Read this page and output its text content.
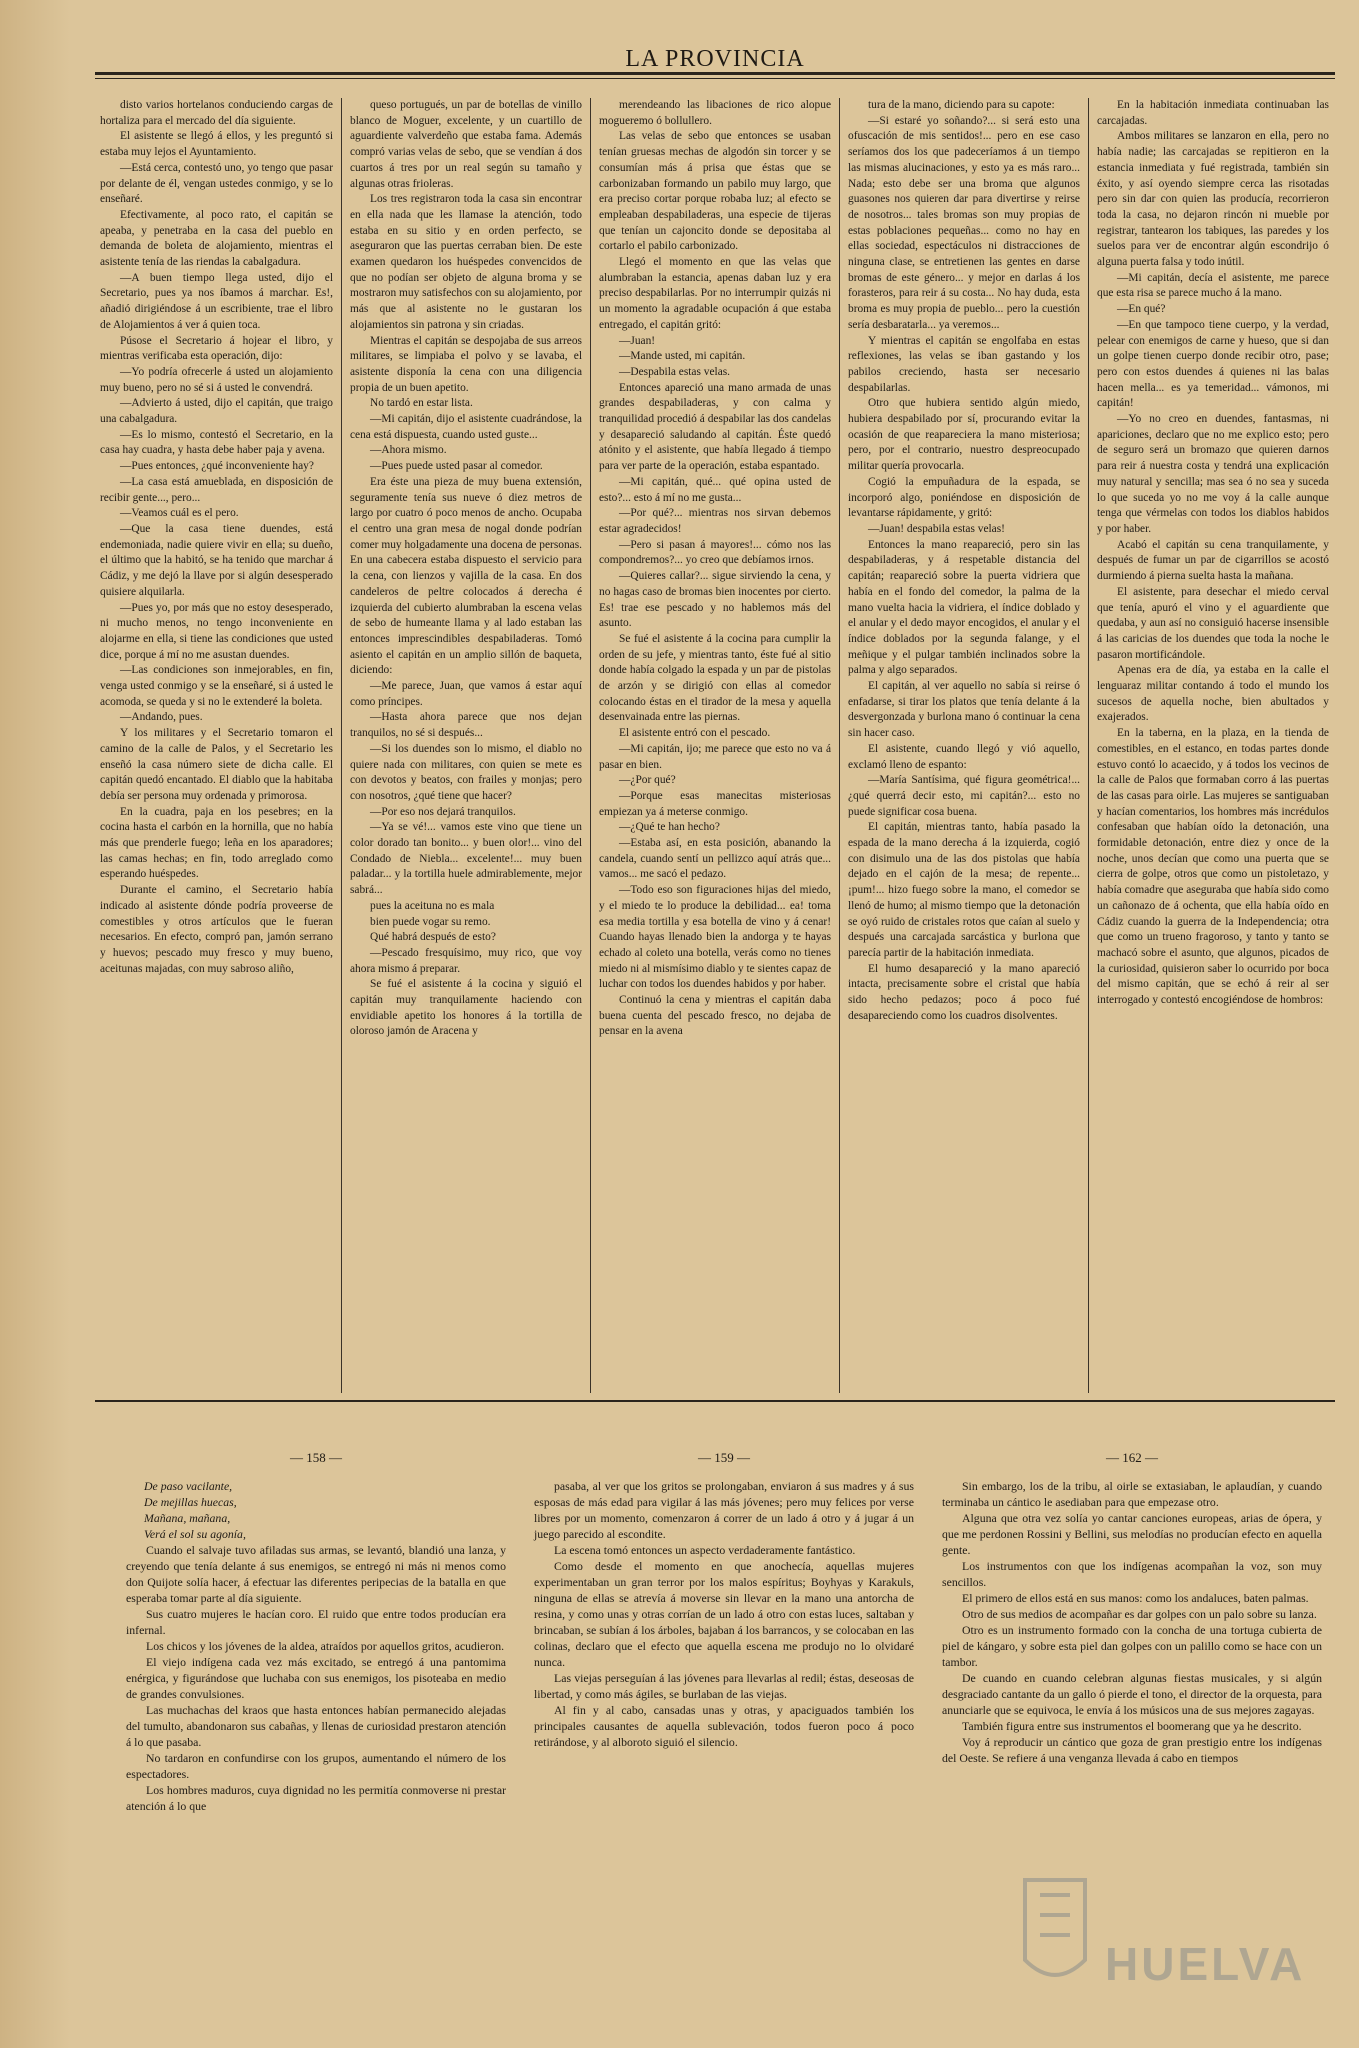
LA PROVINCIA

disto varios hortelanos conduciendo cargas de hortaliza para el mercado del día siguiente.

El asistente se llegó á ellos, y les preguntó si estaba muy lejos el Ayuntamiento.

—Está cerca, contestó uno, yo tengo que pasar por delante de él, vengan ustedes conmigo, y se lo enseñaré.

Efectivamente, al poco rato, el capitán se apeaba, y penetraba en la casa del pueblo en demanda de boleta de alojamiento, mientras el asistente tenía de las riendas la cabalgadura.

—A buen tiempo llega usted, dijo el Secretario, pues ya nos íbamos á marchar. Es!, añadió dirigiéndose á un escribiente, trae el libro de Alojamientos á ver á quien toca.

Púsose el Secretario á hojear el libro, y mientras verificaba esta operación, dijo:

—Yo podría ofrecerle á usted un alojamiento muy bueno, pero no sé si á usted le convendrá.

—Advierto á usted, dijo el capitán, que traigo una cabalgadura.

—Es lo mismo, contestó el Secretario, en la casa hay cuadra, y hasta debe haber paja y avena.

—Pues entonces, ¿qué inconveniente hay?

—La casa está amueblada, en disposición de recibir gente..., pero...

—Veamos cuál es el pero.

—Que la casa tiene duendes, está endemoniada, nadie quiere vivir en ella; su dueño, el último que la habitó, se ha tenido que marchar á Cádiz, y me dejó la llave por si algún desesperado quisiere alquilarla.

—Pues yo, por más que no estoy desesperado, ni mucho menos, no tengo inconveniente en alojarme en ella, si tiene las condiciones que usted dice, porque á mí no me asustan duendes.

—Las condiciones son inmejorables, en fin, venga usted conmigo y se la enseñaré, si á usted le acomoda, se queda y si no le extenderé la boleta.

—Andando, pues.

Y los militares y el Secretario tomaron el camino de la calle de Palos, y el Secretario les enseñó la casa número siete de dicha calle. El capitán quedó encantado. El diablo que la habitaba debía ser persona muy ordenada y primorosa.

En la cuadra, paja en los pesebres; en la cocina hasta el carbón en la hornilla, que no había más que prenderle fuego; leña en los aparadores; las camas hechas; en fin, todo arreglado como esperando huéspedes.

Durante el camino, el Secretario había indicado al asistente dónde podría proveerse de comestibles y otros artículos que le fueran necesarios. En efecto, compró pan, jamón serrano y huevos; pescado muy fresco y muy bueno, aceitunas majadas, con muy sabroso aliño,

queso portugués, un par de botellas de vinillo blanco de Moguer, excelente, y un cuartillo de aguardiente valverdeño que estaba fama. Además compró varias velas de sebo, que se vendían á dos cuartos á tres por un real según su tamaño y algunas otras frioleras.

Los tres registraron toda la casa sin encontrar en ella nada que les llamase la atención, todo estaba en su sitio y en orden perfecto, se aseguraron que las puertas cerraban bien. De este examen quedaron los huéspedes convencidos de que no podían ser objeto de alguna broma y se mostraron muy satisfechos con su alojamiento, por más que al asistente no le gustaran los alojamientos sin patrona y sin criadas.

Mientras el capitán se despojaba de sus arreos militares, se limpiaba el polvo y se lavaba, el asistente disponía la cena con una diligencia propia de un buen apetito.

No tardó en estar lista.

—Mi capitán, dijo el asistente cuadrándose, la cena está dispuesta, cuando usted guste...

—Ahora mismo.

—Pues puede usted pasar al comedor.

Era éste una pieza de muy buena extensión, seguramente tenía sus nueve ó diez metros de largo por cuatro ó poco menos de ancho. Ocupaba el centro una gran mesa de nogal donde podrían comer muy holgadamente una docena de personas. En una cabecera estaba dispuesto el servicio para la cena, con lienzos y vajilla de la casa. En dos candeleros de peltre colocados á derecha é izquierda del cubierto alumbraban la escena velas de sebo de humeante llama y al lado estaban las entonces imprescindibles despabiladeras. Tomó asiento el capitán en un amplio sillón de baqueta, diciendo:

—Me parece, Juan, que vamos á estar aquí como príncipes.

—Hasta ahora parece que nos dejan tranquilos, no sé si después...

—Si los duendes son lo mismo, el diablo no quiere nada con militares, con quien se mete es con devotos y beatos, con frailes y monjas; pero con nosotros, ¿qué tiene que hacer?

—Por eso nos dejará tranquilos.

—Ya se vé!... vamos este vino que tiene un color dorado tan bonito... y buen olor!... vino del Condado de Niebla... excelente!... muy buen paladar... y la tortilla huele admirablemente, mejor sabrá...

pues la aceituna no es mala

bien puede vogar su remo.

Qué habrá después de esto?

—Pescado fresquísimo, muy rico, que voy ahora mismo á preparar.

Se fué el asistente á la cocina y siguió el capitán muy tranquilamente haciendo con envidiable apetito los honores á la tortilla de oloroso jamón de Aracena y

merendeando las libaciones de rico alopue mogueremo ó bollullero.

Las velas de sebo que entonces se usaban tenían gruesas mechas de algodón sin torcer y se consumían más á prisa que éstas que se carbonizaban formando un pabilo muy largo, que era preciso cortar porque robaba luz; al efecto se empleaban despabiladeras, una especie de tijeras que tenían un cajoncito donde se depositaba al cortarlo el pabilo carbonizado.

Llegó el momento en que las velas que alumbraban la estancia, apenas daban luz y era preciso despabilarlas. Por no interrumpir quizás ni un momento la agradable ocupación á que estaba entregado, el capitán gritó:

—Juan!

—Mande usted, mi capitán.

—Despabila estas velas.

Entonces apareció una mano armada de unas grandes despabiladeras, y con calma y tranquilidad procedió á despabilar las dos candelas y desapareció saludando al capitán. Éste quedó atónito y el asistente, que había llegado á tiempo para ver parte de la operación, estaba espantado.

—Mi capitán, qué... qué opina usted de esto?... esto á mí no me gusta...

—Por qué?... mientras nos sirvan debemos estar agradecidos!

—Pero si pasan á mayores!... cómo nos las compondremos?... yo creo que debíamos irnos.

—Quieres callar?... sigue sirviendo la cena, y no hagas caso de bromas bien inocentes por cierto. Es! trae ese pescado y no hablemos más del asunto.

Se fué el asistente á la cocina para cumplir la orden de su jefe, y mientras tanto, éste fué al sitio donde había colgado la espada y un par de pistolas de arzón y se dirigió con ellas al comedor colocando éstas en el tirador de la mesa y aquella desenvainada entre las piernas.

El asistente entró con el pescado.

—Mi capitán, ijo; me parece que esto no va á pasar en bien.

—¿Por qué?

—Porque esas manecitas misteriosas empiezan ya á meterse conmigo.

—¿Qué te han hecho?

—Estaba así, en esta posición, abanando la candela, cuando sentí un pellizco aquí atrás que... vamos... me sacó el pedazo.

—Todo eso son figuraciones hijas del miedo, y el miedo te lo produce la debilidad... ea! toma esa media tortilla y esa botella de vino y á cenar! Cuando hayas llenado bien la andorga y te hayas echado al coleto una botella, verás como no tienes miedo ni al mismísimo diablo y te sientes capaz de luchar con todos los duendes habidos y por haber.

Continuó la cena y mientras el capitán daba buena cuenta del pescado fresco, no dejaba de pensar en la avena

tura de la mano, diciendo para su capote:

—Si estaré yo soñando?... si será esto una ofuscación de mis sentidos!... pero en ese caso seríamos dos los que padeceríamos á un tiempo las mismas alucinaciones, y esto ya es más raro... Nada; esto debe ser una broma que algunos guasones nos quieren dar para divertirse y reirse de nosotros... tales bromas son muy propias de estas poblaciones pequeñas... como no hay en ellas sociedad, espectáculos ni distracciones de ninguna clase, se entretienen las gentes en darse bromas de este género... y mejor en darlas á los forasteros, para reir á su costa... No hay duda, esta broma es muy propia de pueblo... pero la cuestión sería desbaratarla... ya veremos...

Y mientras el capitán se engolfaba en estas reflexiones, las velas se iban gastando y los pabilos creciendo, hasta ser necesario despabilarlas.

Otro que hubiera sentido algún miedo, hubiera despabilado por sí, procurando evitar la ocasión de que reapareciera la mano misteriosa; pero, por el contrario, nuestro despreocupado militar quería provocarla.

Cogió la empuñadura de la espada, se incorporó algo, poniéndose en disposición de levantarse rápidamente, y gritó:

—Juan! despabila estas velas!

Entonces la mano reapareció, pero sin las despabiladeras, y á respetable distancia del capitán; reapareció sobre la puerta vidriera que había en el fondo del comedor, la palma de la mano vuelta hacia la vidriera, el índice doblado y el anular y el dedo mayor encogidos, el anular y el índice doblados por la segunda falange, y el meñique y el pulgar también inclinados sobre la palma y algo separados.

El capitán, al ver aquello no sabía si reirse ó enfadarse, si tirar los platos que tenía delante á la desvergonzada y burlona mano ó continuar la cena sin hacer caso.

El asistente, cuando llegó y vió aquello, exclamó lleno de espanto:

—María Santísima, qué figura geométrica!... ¿qué querrá decir esto, mi capitán?... esto no puede significar cosa buena.

El capitán, mientras tanto, había pasado la espada de la mano derecha á la izquierda, cogió con disimulo una de las dos pistolas que había dejado en el cajón de la mesa; de repente... ¡pum!... hizo fuego sobre la mano, el comedor se llenó de humo; al mismo tiempo que la detonación se oyó ruido de cristales rotos que caían al suelo y después una carcajada sarcástica y burlona que parecía partir de la habitación inmediata.

El humo desapareció y la mano apareció intacta, precisamente sobre el cristal que había sido hecho pedazos; poco á poco fué desapareciendo como los cuadros disolventes.

En la habitación inmediata continuaban las carcajadas.

Ambos militares se lanzaron en ella, pero no había nadie; las carcajadas se repitieron en la estancia inmediata y fué registrada, también sin éxito, y así oyendo siempre cerca las risotadas pero sin dar con quien las producía, recorrieron toda la casa, no dejaron rincón ni mueble por registrar, tantearon los tabiques, las paredes y los suelos para ver de encontrar algún escondrijo ó alguna puerta falsa y todo inútil.

—Mi capitán, decía el asistente, me parece que esta risa se parece mucho á la mano.

—En qué?

—En que tampoco tiene cuerpo, y la verdad, pelear con enemigos de carne y hueso, que si dan un golpe tienen cuerpo donde recibir otro, pase; pero con estos duendes á quienes ni las balas hacen mella... es ya temeridad... vámonos, mi capitán!

—Yo no creo en duendes, fantasmas, ni apariciones, declaro que no me explico esto; pero de seguro será un bromazo que quieren darnos para reir á nuestra costa y tendrá una explicación muy natural y sencilla; mas sea ó no sea y suceda lo que suceda yo no me voy á la calle aunque tenga que vérmelas con todos los diablos habidos y por haber.

Acabó el capitán su cena tranquilamente, y después de fumar un par de cigarrillos se acostó durmiendo á pierna suelta hasta la mañana.

El asistente, para desechar el miedo cerval que tenía, apuró el vino y el aguardiente que quedaba, y aun así no consiguió hacerse insensible á las caricias de los duendes que toda la noche le pasaron mortificándole.

Apenas era de día, ya estaba en la calle el lenguaraz militar contando á todo el mundo los sucesos de aquella noche, bien abultados y exajerados.

En la taberna, en la plaza, en la tienda de comestibles, en el estanco, en todas partes donde estuvo contó lo acaecido, y á todos los vecinos de la calle de Palos que formaban corro á las puertas de las casas para oirle. Las mujeres se santiguaban y hacían comentarios, los hombres más incrédulos confesaban que habían oído la detonación, una formidable detonación, entre diez y once de la noche, unos decían que como una puerta que se cierra de golpe, otros que como un pistoletazo, y había comadre que aseguraba que había sido como un cañonazo de á ochenta, que ella había oído en Cádiz cuando la guerra de la Independencia; otra que como un trueno fragoroso, y tanto y tanto se machacó sobre el asunto, que algunos, picados de la curiosidad, quisieron saber lo ocurrido por boca del mismo capitán, que se echó á reir al ser interrogado y contestó encogiéndose de hombros:

— 158 —

De paso vacilante,

De mejillas huecas,

Mañana, mañana,

Verá el sol su agonía,

Cuando el salvaje tuvo afiladas sus armas, se levantó, blandió una lanza, y creyendo que tenía delante á sus enemigos, se entregó ni más ni menos como don Quijote solía hacer, á efectuar las diferentes peripecias de la batalla en que esperaba tomar parte al día siguiente.

Sus cuatro mujeres le hacían coro. El ruido que entre todos producían era infernal.

Los chicos y los jóvenes de la aldea, atraídos por aquellos gritos, acudieron.

El viejo indígena cada vez más excitado, se entregó á una pantomima enérgica, y figurándose que luchaba con sus enemigos, los pisoteaba en medio de grandes convulsiones.

Las muchachas del kraos que hasta entonces habían permanecido alejadas del tumulto, abandonaron sus cabañas, y llenas de curiosidad prestaron atención á lo que pasaba.

No tardaron en confundirse con los grupos, aumentando el número de los espectadores.

Los hombres maduros, cuya dignidad no les permitía conmoverse ni prestar atención á lo que

— 159 —

pasaba, al ver que los gritos se prolongaban, enviaron á sus madres y á sus esposas de más edad para vigilar á las más jóvenes; pero muy felices por verse libres por un momento, comenzaron á correr de un lado á otro y á jugar á un juego parecido al escondite.

La escena tomó entonces un aspecto verdaderamente fantástico.

Como desde el momento en que anochecía, aquellas mujeres experimentaban un gran terror por los malos espíritus; Boyhyas y Karakuls, ninguna de ellas se atrevía á moverse sin llevar en la mano una antorcha de resina, y como unas y otras corrían de un lado á otro con estas luces, saltaban y brincaban, se subían á los árboles, bajaban á los barrancos, y se colocaban en las colinas, declaro que el efecto que aquella escena me produjo no lo olvidaré nunca.

Las viejas perseguían á las jóvenes para llevarlas al redil; éstas, deseosas de libertad, y como más ágiles, se burlaban de las viejas.

Al fin y al cabo, cansadas unas y otras, y apaciguados también los principales causantes de aquella sublevación, todos fueron poco á poco retirándose, y al alboroto siguió el silencio.

— 162 —

Sin embargo, los de la tribu, al oirle se extasiaban, le aplaudían, y cuando terminaba un cántico le asediaban para que empezase otro.

Alguna que otra vez solía yo cantar canciones europeas, arias de ópera, y que me perdonen Rossini y Bellini, sus melodías no producían efecto en aquella gente.

Los instrumentos con que los indígenas acompañan la voz, son muy sencillos.

El primero de ellos está en sus manos: como los andaluces, baten palmas.

Otro de sus medios de acompañar es dar golpes con un palo sobre su lanza.

Otro es un instrumento formado con la concha de una tortuga cubierta de piel de kángaro, y sobre esta piel dan golpes con un palillo como se hace con un tambor.

De cuando en cuando celebran algunas fiestas musicales, y si algún desgraciado cantante da un gallo ó pierde el tono, el director de la orquesta, para anunciarle que se equivoca, le envía á los músicos una de sus mejores zagayas.

También figura entre sus instrumentos el boomerang que ya he descrito.

Voy á reproducir un cántico que goza de gran prestigio entre los indígenas del Oeste. Se refiere á una venganza llevada á cabo en tiempos

HUELVA
